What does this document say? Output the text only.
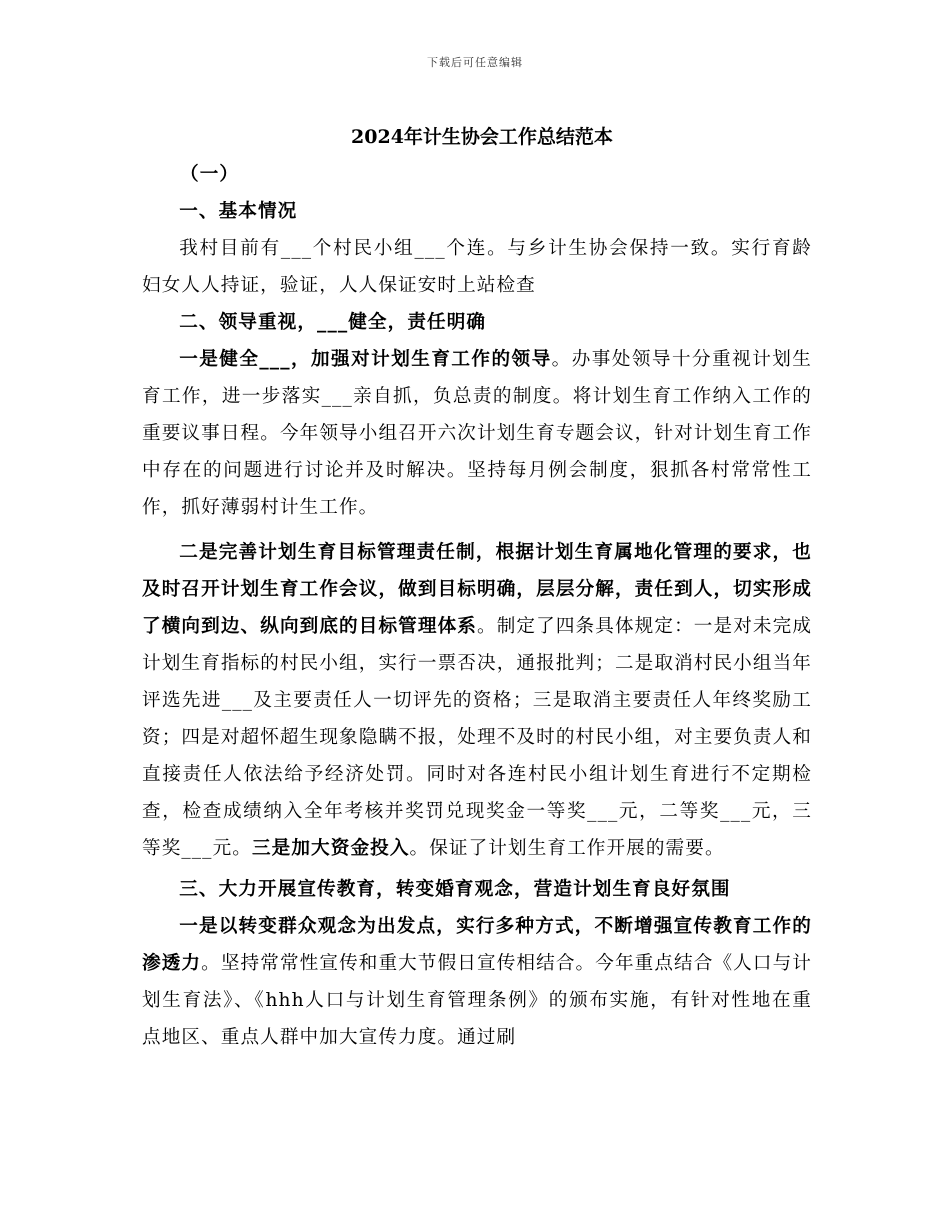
下载后可任意编辑
2024年计生协会工作总结范本

（一）

一、基本情况

我村目前有___个村民小组___个连。与乡计生协会保持一致。实行育龄妇女人人持证，验证，人人保证安时上站检查

二、领导重视，___健全，责任明确

一是健全___，加强对计划生育工作的领导。办事处领导十分重视计划生育工作，进一步落实___亲自抓，负总责的制度。将计划生育工作纳入工作的重要议事日程。今年领导小组召开六次计划生育专题会议，针对计划生育工作中存在的问题进行讨论并及时解决。坚持每月例会制度，狠抓各村常常性工作，抓好薄弱村计生工作。

二是完善计划生育目标管理责任制，根据计划生育属地化管理的要求，也及时召开计划生育工作会议，做到目标明确，层层分解，责任到人，切实形成了横向到边、纵向到底的目标管理体系。制定了四条具体规定：一是对未完成计划生育指标的村民小组，实行一票否决，通报批判；二是取消村民小组当年评选先进___及主要责任人一切评先的资格；三是取消主要责任人年终奖励工资；四是对超怀超生现象隐瞒不报，处理不及时的村民小组，对主要负责人和直接责任人依法给予经济处罚。同时对各连村民小组计划生育进行不定期检查，检查成绩纳入全年考核并奖罚兑现奖金一等奖___元，二等奖___元，三等奖___元。三是加大资金投入。保证了计划生育工作开展的需要。

三、大力开展宣传教育，转变婚育观念，营造计划生育良好氛围

一是以转变群众观念为出发点，实行多种方式，不断增强宣传教育工作的渗透力。坚持常常性宣传和重大节假日宣传相结合。今年重点结合《人口与计划生育法》、《hhh人口与计划生育管理条例》的颁布实施，有针对性地在重点地区、重点人群中加大宣传力度。通过刷
